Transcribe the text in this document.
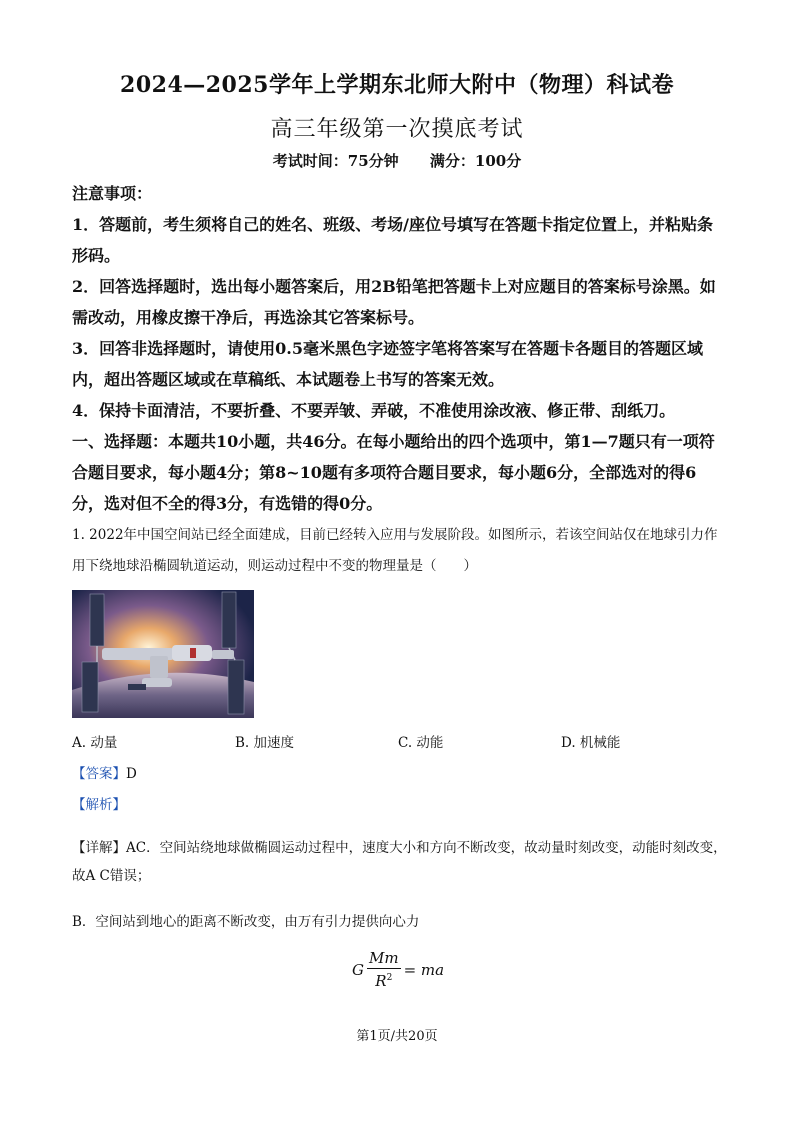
2024—2025学年上学期东北师大附中（物理）科试卷
高三年级第一次摸底考试
考试时间：75分钟 满分：100分

注意事项：

1．答题前，考生须将自己的姓名、班级、考场/座位号填写在答题卡指定位置上，并粘贴条形码。

2．回答选择题时，选出每小题答案后，用2B铅笔把答题卡上对应题目的答案标号涂黑。如需改动，用橡皮擦干净后，再选涂其它答案标号。

3．回答非选择题时，请使用0.5毫米黑色字迹签字笔将答案写在答题卡各题目的答题区域内，超出答题区域或在草稿纸、本试题卷上书写的答案无效。

4．保持卡面清洁，不要折叠、不要弄皱、弄破，不准使用涂改液、修正带、刮纸刀。

一、选择题：本题共10小题，共46分。在每小题给出的四个选项中，第1—7题只有一项符合题目要求，每小题4分；第8~10题有多项符合题目要求，每小题6分，全部选对的得6分，选对但不全的得3分，有选错的得0分。

1. 2022年中国空间站已经全面建成，目前已经转入应用与发展阶段。如图所示，若该空间站仅在地球引力作用下绕地球沿椭圆轨道运动，则运动过程中不变的物理量是（　　）
A. 动量	B. 加速度	C. 动能	D. 机械能
【答案】D
【解析】
【详解】AC．空间站绕地球做椭圆运动过程中，速度大小和方向不断改变，故动量时刻改变，动能时刻改变，故A C错误；
B．空间站到地心的距离不断改变，由万有引力提供向心力
G $\frac{Mm}{R^2}$ = ma
第1页/共20页
